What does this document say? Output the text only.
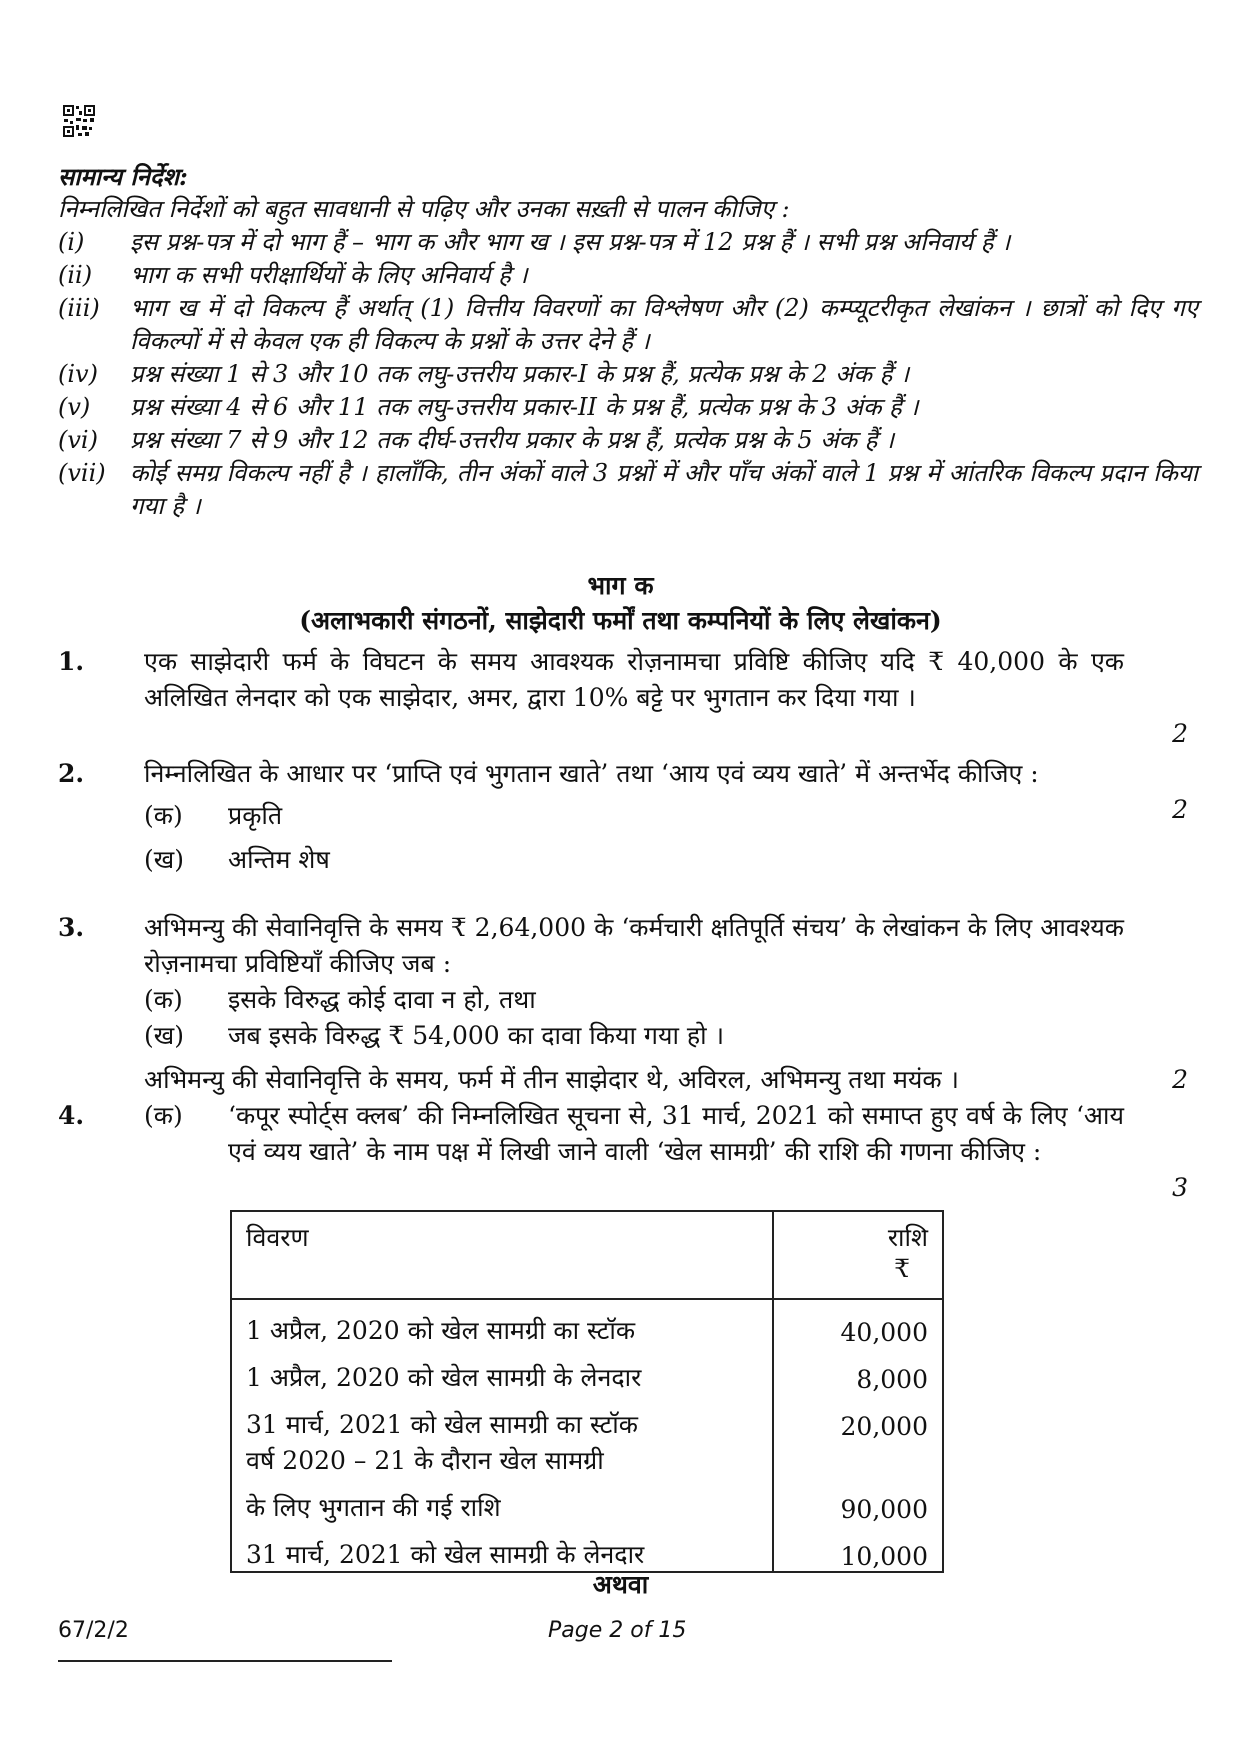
सामान्य निर्देश:
निम्नलिखित निर्देशों को बहुत सावधानी से पढ़िए और उनका सख़्ती से पालन कीजिए :
(i)	इस प्रश्न-पत्र में दो भाग हैं – भाग क और भाग ख । इस प्रश्न-पत्र में 12 प्रश्न हैं । सभी प्रश्न अनिवार्य हैं ।
(ii)	भाग क सभी परीक्षार्थियों के लिए अनिवार्य है ।
(iii)	भाग ख में दो विकल्प हैं अर्थात् (1) वित्तीय विवरणों का विश्लेषण और (2) कम्प्यूटरीकृत लेखांकन । छात्रों को दिए गए विकल्पों में से केवल एक ही विकल्प के प्रश्नों के उत्तर देने हैं ।
(iv)	प्रश्न संख्या 1 से 3 और 10 तक लघु-उत्तरीय प्रकार-I के प्रश्न हैं, प्रत्येक प्रश्न के 2 अंक हैं ।
(v)	प्रश्न संख्या 4 से 6 और 11 तक लघु-उत्तरीय प्रकार-II के प्रश्न हैं, प्रत्येक प्रश्न के 3 अंक हैं ।
(vi)	प्रश्न संख्या 7 से 9 और 12 तक दीर्घ-उत्तरीय प्रकार के प्रश्न हैं, प्रत्येक प्रश्न के 5 अंक हैं ।
(vii)	कोई समग्र विकल्प नहीं है । हालाँकि, तीन अंकों वाले 3 प्रश्नों में और पाँच अंकों वाले 1 प्रश्न में आंतरिक विकल्प प्रदान किया गया है ।
भाग क
(अलाभकारी संगठनों, साझेदारी फर्मों तथा कम्पनियों के लिए लेखांकन)
1. एक साझेदारी फर्म के विघटन के समय आवश्यक रोज़नामचा प्रविष्टि कीजिए यदि ₹ 40,000 के एक अलिखित लेनदार को एक साझेदार, अमर, द्वारा 10% बट्टे पर भुगतान कर दिया गया ।
2
2. निम्नलिखित के आधार पर ‘प्राप्ति एवं भुगतान खाते’ तथा ‘आय एवं व्यय खाते’ में अन्तर्भेद कीजिए :
2
(क)	प्रकृति
(ख)	अन्तिम शेष
3. अभिमन्यु की सेवानिवृत्ति के समय ₹ 2,64,000 के ‘कर्मचारी क्षतिपूर्ति संचय’ के लेखांकन के लिए आवश्यक रोज़नामचा प्रविष्टियाँ कीजिए जब :
(क)	इसके विरुद्ध कोई दावा न हो, तथा
(ख)	जब इसके विरुद्ध ₹ 54,000 का दावा किया गया हो ।
अभिमन्यु की सेवानिवृत्ति के समय, फर्म में तीन साझेदार थे, अविरल, अभिमन्यु तथा मयंक ।	2
4. (क)	‘कपूर स्पोर्ट्स क्लब’ की निम्नलिखित सूचना से, 31 मार्च, 2021 को समाप्त हुए वर्ष के लिए ‘आय एवं व्यय खाते’ के नाम पक्ष में लिखी जाने वाली ‘खेल सामग्री’ की राशि की गणना कीजिए :
3
विवरण	राशि
₹

1 अप्रैल, 2020 को खेल सामग्री का स्टॉक	40,000
1 अप्रैल, 2020 को खेल सामग्री के लेनदार	8,000
31 मार्च, 2021 को खेल सामग्री का स्टॉक	20,000
वर्ष 2020 – 21 के दौरान खेल सामग्री	
के लिए भुगतान की गई राशि	90,000
31 मार्च, 2021 को खेल सामग्री के लेनदार	10,000
अथवा
67/2/2	Page 2 of 15
